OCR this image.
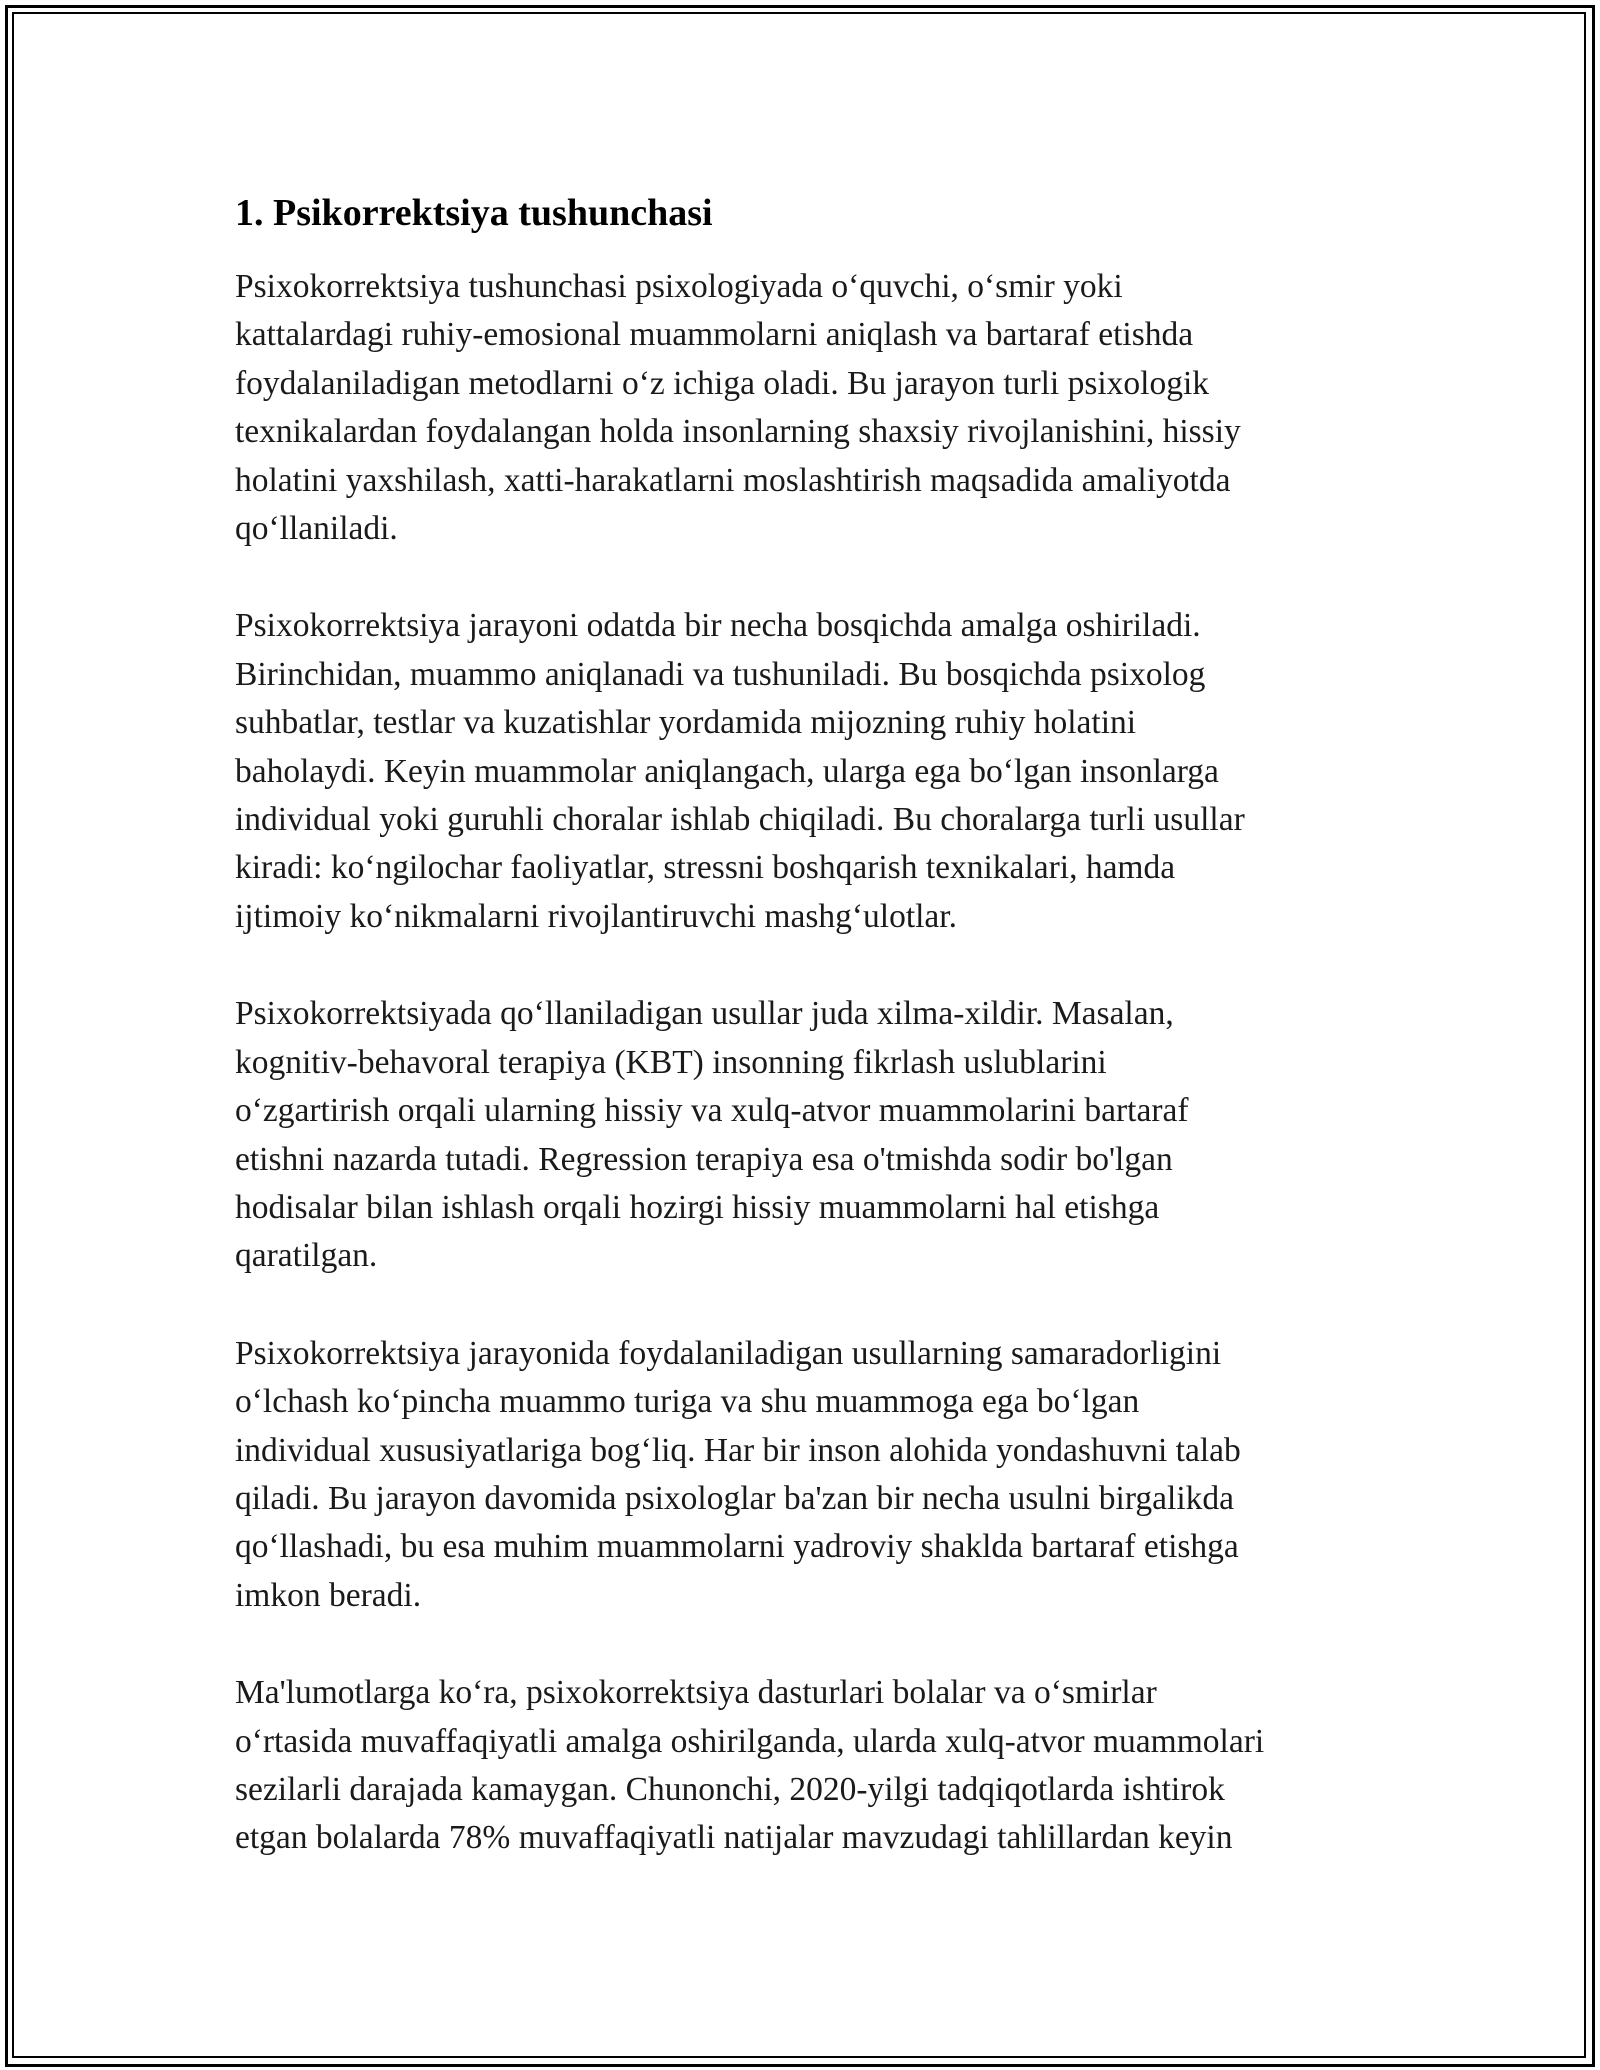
1. Psikorrektsiya tushunchasi

Psixokorrektsiya tushunchasi psixologiyada o‘quvchi, o‘smir yoki
kattalardagi ruhiy-emosional muammolarni aniqlash va bartaraf etishda
foydalaniladigan metodlarni o‘z ichiga oladi. Bu jarayon turli psixologik
texnikalardan foydalangan holda insonlarning shaxsiy rivojlanishini, hissiy
holatini yaxshilash, xatti-harakatlarni moslashtirish maqsadida amaliyotda
qo‘llaniladi.

Psixokorrektsiya jarayoni odatda bir necha bosqichda amalga oshiriladi.
Birinchidan, muammo aniqlanadi va tushuniladi. Bu bosqichda psixolog
suhbatlar, testlar va kuzatishlar yordamida mijozning ruhiy holatini
baholaydi. Keyin muammolar aniqlangach, ularga ega bo‘lgan insonlarga
individual yoki guruhli choralar ishlab chiqiladi. Bu choralarga turli usullar
kiradi: ko‘ngilochar faoliyatlar, stressni boshqarish texnikalari, hamda
ijtimoiy ko‘nikmalarni rivojlantiruvchi mashg‘ulotlar.

Psixokorrektsiyada qo‘llaniladigan usullar juda xilma-xildir. Masalan,
kognitiv-behavoral terapiya (KBT) insonning fikrlash uslublarini
o‘zgartirish orqali ularning hissiy va xulq-atvor muammolarini bartaraf
etishni nazarda tutadi. Regression terapiya esa o'tmishda sodir bo'lgan
hodisalar bilan ishlash orqali hozirgi hissiy muammolarni hal etishga
qaratilgan.

Psixokorrektsiya jarayonida foydalaniladigan usullarning samaradorligini
o‘lchash ko‘pincha muammo turiga va shu muammoga ega bo‘lgan
individual xususiyatlariga bog‘liq. Har bir inson alohida yondashuvni talab
qiladi. Bu jarayon davomida psixologlar ba'zan bir necha usulni birgalikda
qo‘llashadi, bu esa muhim muammolarni yadroviy shaklda bartaraf etishga
imkon beradi.

Ma'lumotlarga ko‘ra, psixokorrektsiya dasturlari bolalar va o‘smirlar
o‘rtasida muvaffaqiyatli amalga oshirilganda, ularda xulq-atvor muammolari
sezilarli darajada kamaygan. Chunonchi, 2020-yilgi tadqiqotlarda ishtirok
etgan bolalarda 78% muvaffaqiyatli natijalar mavzudagi tahlillardan keyin
